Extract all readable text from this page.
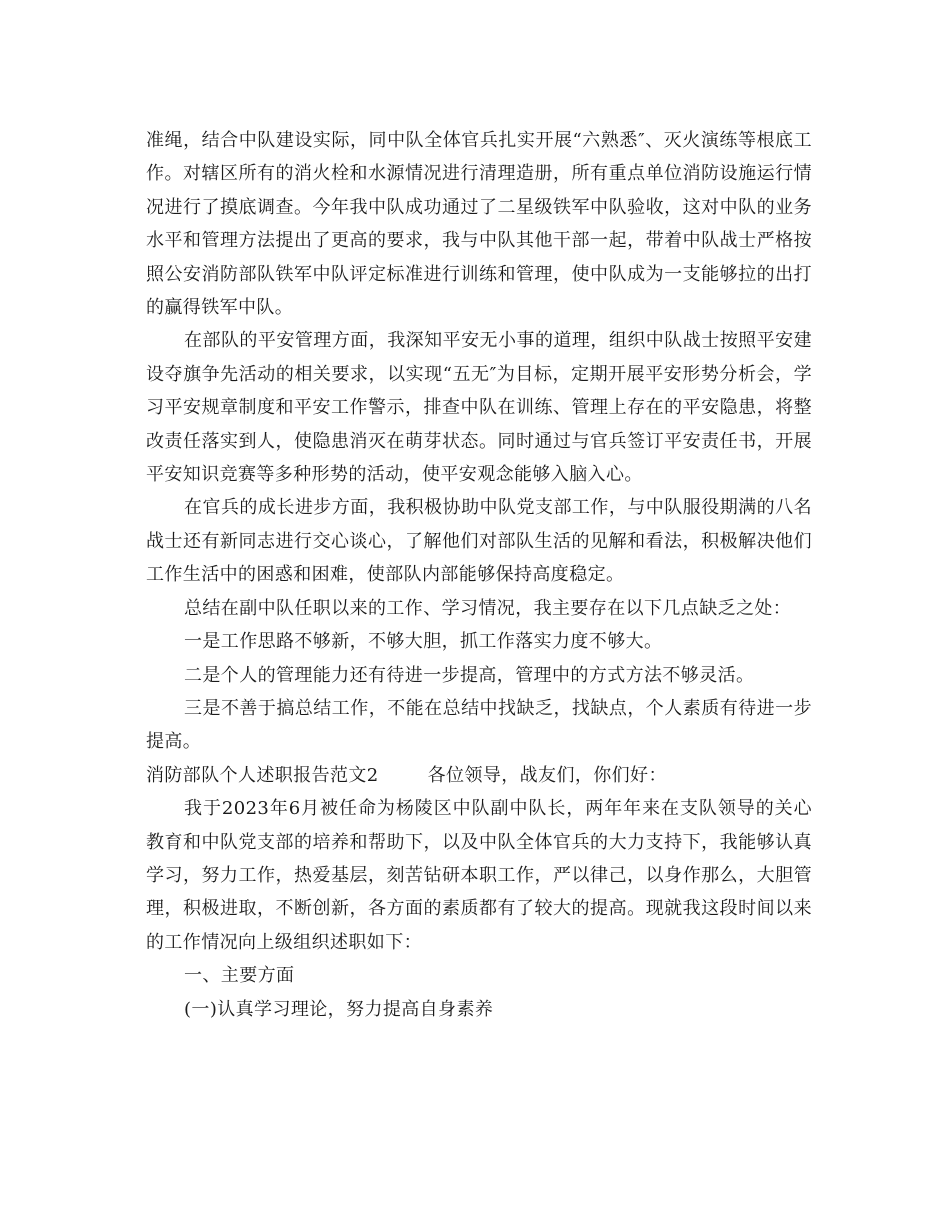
准绳，结合中队建设实际，同中队全体官兵扎实开展“六熟悉″、灭火演练等根底工作。对辖区所有的消火栓和水源情况进行清理造册，所有重点单位消防设施运行情况进行了摸底调查。今年我中队成功通过了二星级铁军中队验收，这对中队的业务水平和管理方法提出了更高的要求，我与中队其他干部一起，带着中队战士严格按照公安消防部队铁军中队评定标准进行训练和管理，使中队成为一支能够拉的出打的赢得铁军中队。

在部队的平安管理方面，我深知平安无小事的道理，组织中队战士按照平安建设夺旗争先活动的相关要求，以实现“五无″为目标，定期开展平安形势分析会，学习平安规章制度和平安工作警示，排查中队在训练、管理上存在的平安隐患，将整改责任落实到人，使隐患消灭在萌芽状态。同时通过与官兵签订平安责任书，开展平安知识竞赛等多种形势的活动，使平安观念能够入脑入心。

在官兵的成长进步方面，我积极协助中队党支部工作，与中队服役期满的八名战士还有新同志进行交心谈心，了解他们对部队生活的见解和看法，积极解决他们工作生活中的困惑和困难，使部队内部能够保持高度稳定。

总结在副中队任职以来的工作、学习情况，我主要存在以下几点缺乏之处：

一是工作思路不够新，不够大胆，抓工作落实力度不够大。

二是个人的管理能力还有待进一步提高，管理中的方式方法不够灵活。

三是不善于搞总结工作，不能在总结中找缺乏，找缺点，个人素质有待进一步提高。

消防部队个人述职报告范文2	各位领导，战友们，你们好：

我于2023年6月被任命为杨陵区中队副中队长，两年年来在支队领导的关心教育和中队党支部的培养和帮助下，以及中队全体官兵的大力支持下，我能够认真学习，努力工作，热爱基层，刻苦钻研本职工作，严以律己，以身作那么，大胆管理，积极进取，不断创新，各方面的素质都有了较大的提高。现就我这段时间以来的工作情况向上级组织述职如下：

一、主要方面

(一)认真学习理论，努力提高自身素养
